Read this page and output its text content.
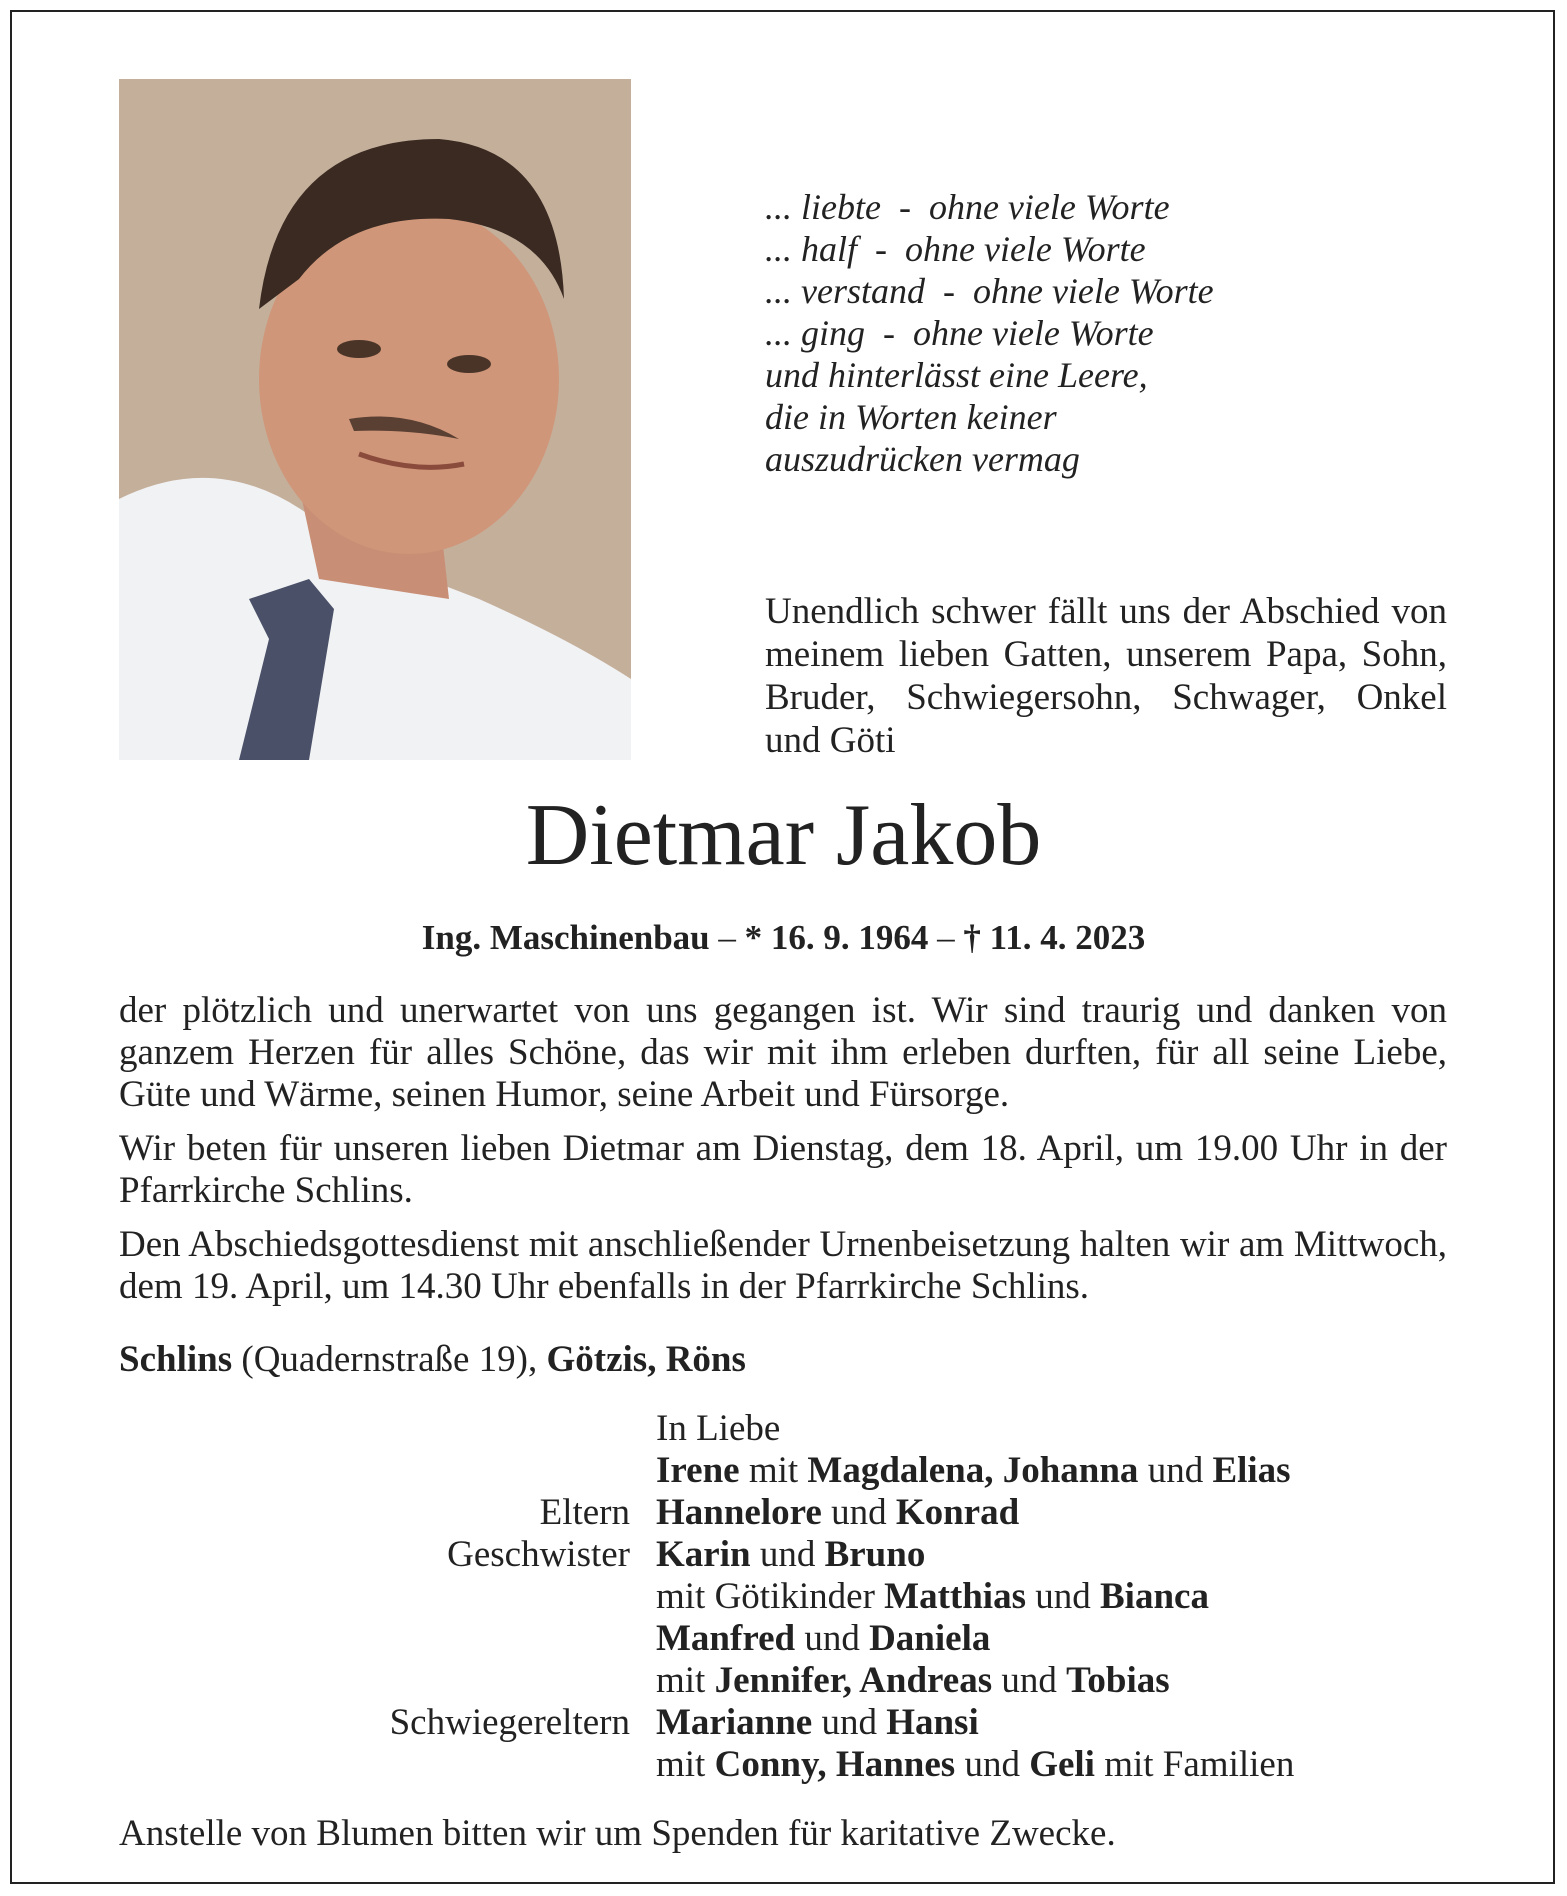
... liebte  -  ohne viele Worte
... half  -  ohne viele Worte
... verstand  -  ohne viele Worte
... ging  -  ohne viele Worte
und hinterlässt eine Leere,
die in Worten keiner
auszudrücken vermag
Unendlich schwer fällt uns der Abschied von meinem lieben Gatten, unserem Papa, Sohn, Bruder, Schwiegersohn, Schwager, Onkel und Göti
Dietmar Jakob
Ing. Maschinenbau – * 16. 9. 1964 – † 11. 4. 2023

der plötzlich und unerwartet von uns gegangen ist. Wir sind traurig und danken von ganzem Herzen für alles Schöne, das wir mit ihm erleben durften, für all seine Liebe, Güte und Wärme, seinen Humor, seine Arbeit und Fürsorge.

Wir beten für unseren lieben Dietmar am Dienstag, dem 18. April, um 19.00 Uhr in der Pfarrkirche Schlins.

Den Abschiedsgottesdienst mit anschließender Urnenbeisetzung halten wir am Mittwoch, dem 19. April, um 14.30 Uhr ebenfalls in der Pfarrkirche Schlins.

Schlins (Quadernstraße 19), Götzis, Röns
In Liebe
Irene mit Magdalena, Johanna und Elias
Eltern Hannelore und Konrad
Geschwister Karin und Bruno
mit Götikinder Matthias und Bianca
Manfred und Daniela
mit Jennifer, Andreas und Tobias
Schwiegereltern Marianne und Hansi
mit Conny, Hannes und Geli mit Familien
Anstelle von Blumen bitten wir um Spenden für karitative Zwecke.
